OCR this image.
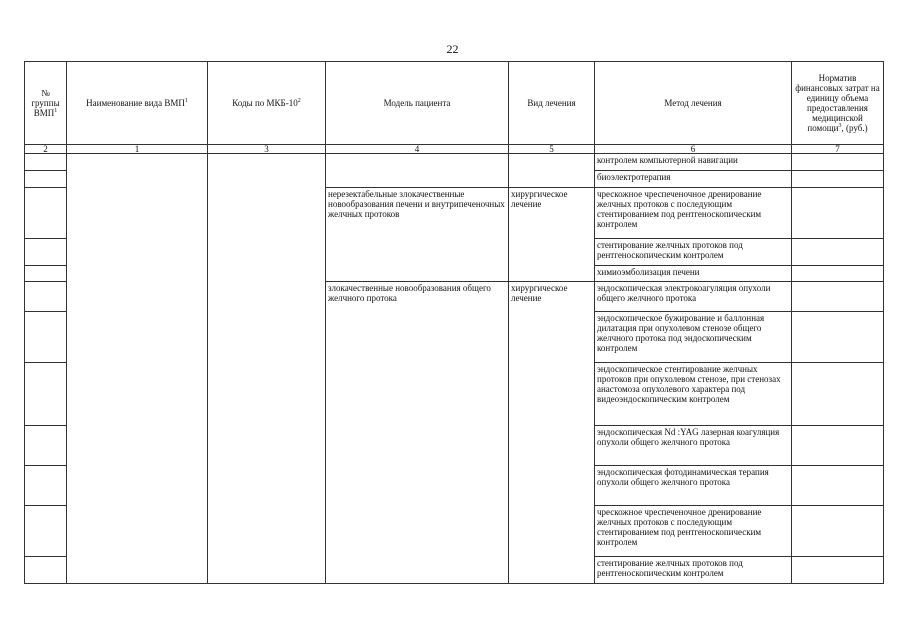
22
№ группы ВМП$^1$	Наименование вида ВМП$^1$	Коды по МКБ-$10^2$	Модель пациента	Вид лечения	Метод лечения	Норматив финансовых затрат на единицу объема предоставления медицинской помощи$^3$, (руб.)
2	1	3	4	5	6	7
					контролем компьютерной навигации	
					биоэлектротерапия	
			нерезектабельные злокачественные новообразования печени и внутрипеченочных желчных протоков	хирургическое лечение	чрескожное чреспеченочное дренирование желчных протоков с последующим стентированием под рентгеноскопическим контролем	
					стентирование желчных протоков под рентгеноскопическим контролем	
					химиоэмболизация печени	
			злокачественные новообразования общего желчного протока	хирургическое лечение	эндоскопическая электрокоагуляция опухоли общего желчного протока	
					эндоскопическое бужирование и баллонная дилатация при опухолевом стенозе общего желчного протока под эндоскопическим контролем	
					эндоскопическое стентирование желчных протоков при опухолевом стенозе, при стенозах анастомоза опухолевого характера под видеоэндоскопическим контролем	
					эндоскопическая Nd :YAG лазерная коагуляция опухоли общего желчного протока	
					эндоскопическая фотодинамическая терапия опухоли общего желчного протока	
					чрескожное чреспеченочное дренирование желчных протоков с последующим стентированием под рентгеноскопическим контролем	
					стентирование желчных протоков под рентгеноскопическим контролем	
